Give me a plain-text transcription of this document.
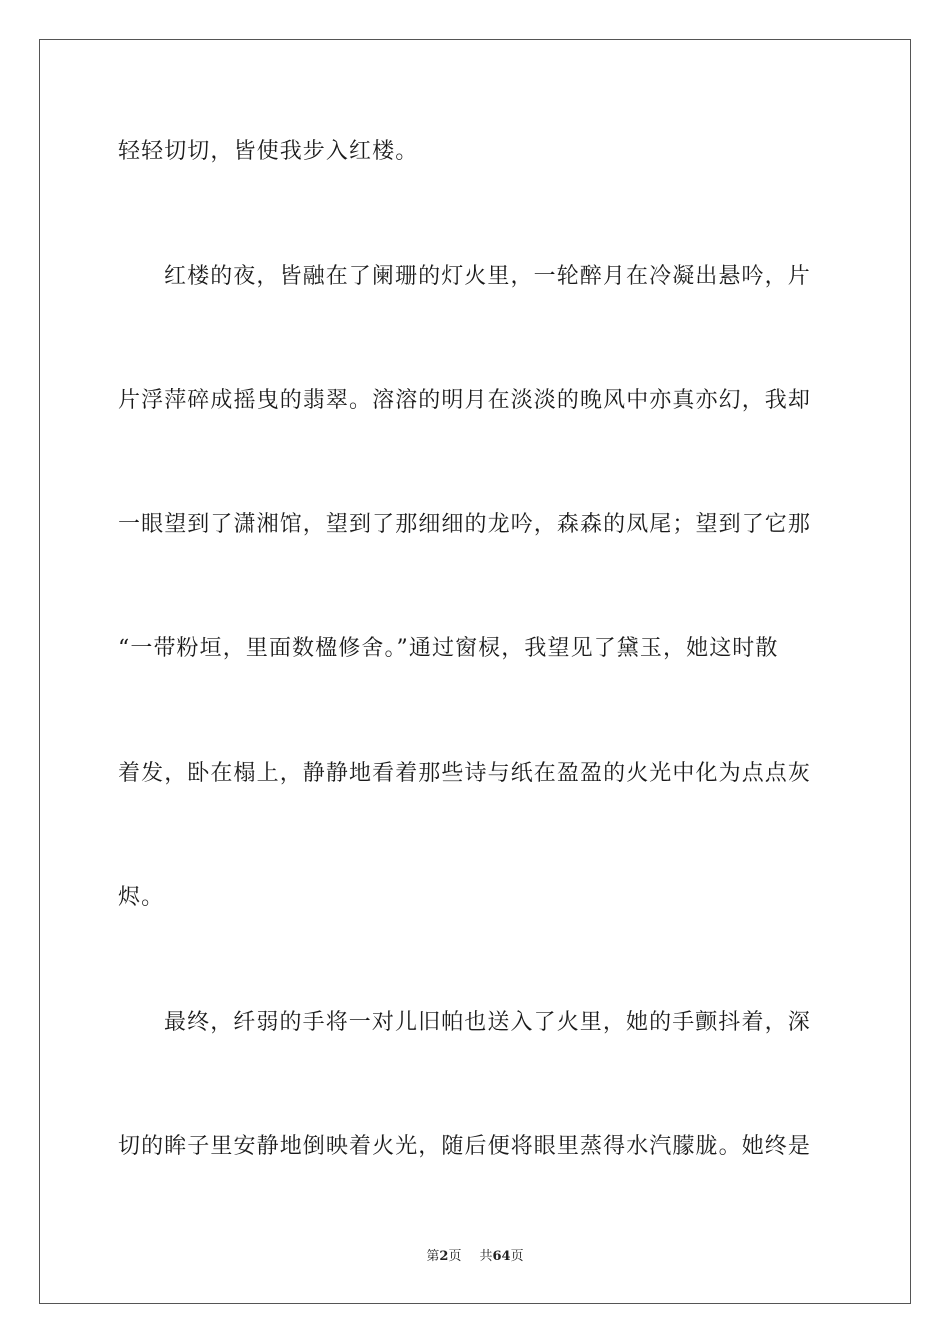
轻轻切切，皆使我步入红楼。
红楼的夜，皆融在了阑珊的灯火里，一轮醉月在冷凝出悬吟，片
片浮萍碎成摇曳的翡翠。溶溶的明月在淡淡的晚风中亦真亦幻，我却
一眼望到了潇湘馆，望到了那细细的龙吟，森森的凤尾；望到了它那
“一带粉垣，里面数楹修舍。”通过窗棂，我望见了黛玉，她这时散
着发，卧在榻上，静静地看着那些诗与纸在盈盈的火光中化为点点灰
烬。
最终，纤弱的手将一对儿旧帕也送入了火里，她的手颤抖着，深
切的眸子里安静地倒映着火光，随后便将眼里蒸得水汽朦胧。她终是
第2页 共64页
